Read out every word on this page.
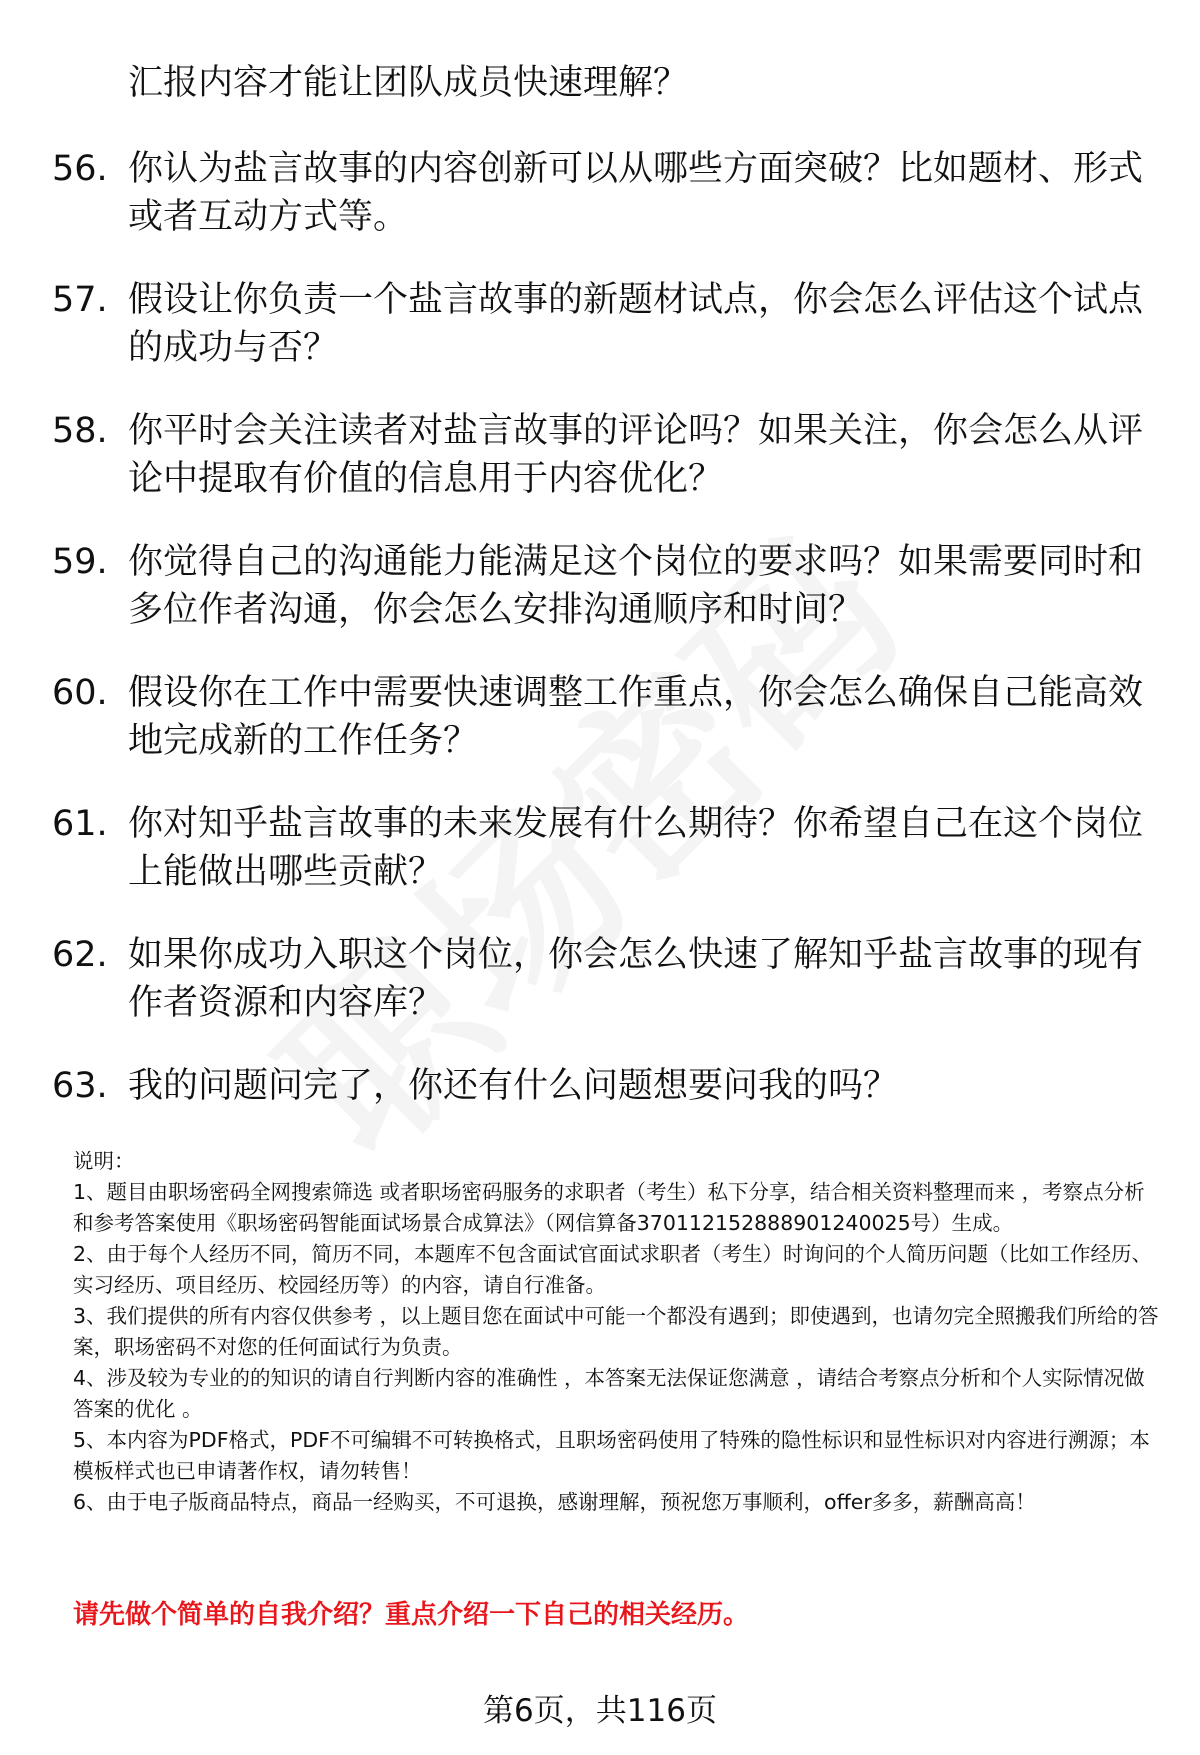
汇报内容才能让团队成员快速理解？
56. 你认为盐言故事的内容创新可以从哪些方面突破？比如题材、形式或者互动方式等。
57. 假设让你负责一个盐言故事的新题材试点，你会怎么评估这个试点的成功与否？
58. 你平时会关注读者对盐言故事的评论吗？如果关注，你会怎么从评论中提取有价值的信息用于内容优化？
59. 你觉得自己的沟通能力能满足这个岗位的要求吗？如果需要同时和多位作者沟通，你会怎么安排沟通顺序和时间？
60. 假设你在工作中需要快速调整工作重点，你会怎么确保自己能高效地完成新的工作任务？
61. 你对知乎盐言故事的未来发展有什么期待？你希望自己在这个岗位上能做出哪些贡献？
62. 如果你成功入职这个岗位，你会怎么快速了解知乎盐言故事的现有作者资源和内容库？
63. 我的问题问完了，你还有什么问题想要问我的吗？
说明：
1、题目由职场密码全网搜索筛选 或者职场密码服务的求职者（考生）私下分享，结合相关资料整理而来 ，考察点分析和参考答案使用《职场密码智能面试场景合成算法》（网信算备370112152888901240025号）生成。
2、由于每个人经历不同，简历不同，本题库不包含面试官面试求职者（考生）时询问的个人简历问题（比如工作经历、实习经历、项目经历、校园经历等）的内容，请自行准备。
3、我们提供的所有内容仅供参考 ，以上题目您在面试中可能一个都没有遇到；即使遇到，也请勿完全照搬我们所给的答案，职场密码不对您的任何面试行为负责。
4、涉及较为专业的的知识的请自行判断内容的准确性 ，本答案无法保证您满意 ，请结合考察点分析和个人实际情况做答案的优化 。
5、本内容为PDF格式，PDF不可编辑不可转换格式，且职场密码使用了特殊的隐性标识和显性标识对内容进行溯源；本模板样式也已申请著作权，请勿转售！
6、由于电子版商品特点，商品一经购买，不可退换，感谢理解，预祝您万事顺利，offer多多，薪酬高高！
请先做个简单的自我介绍？重点介绍一下自己的相关经历。
第6页，共116页
